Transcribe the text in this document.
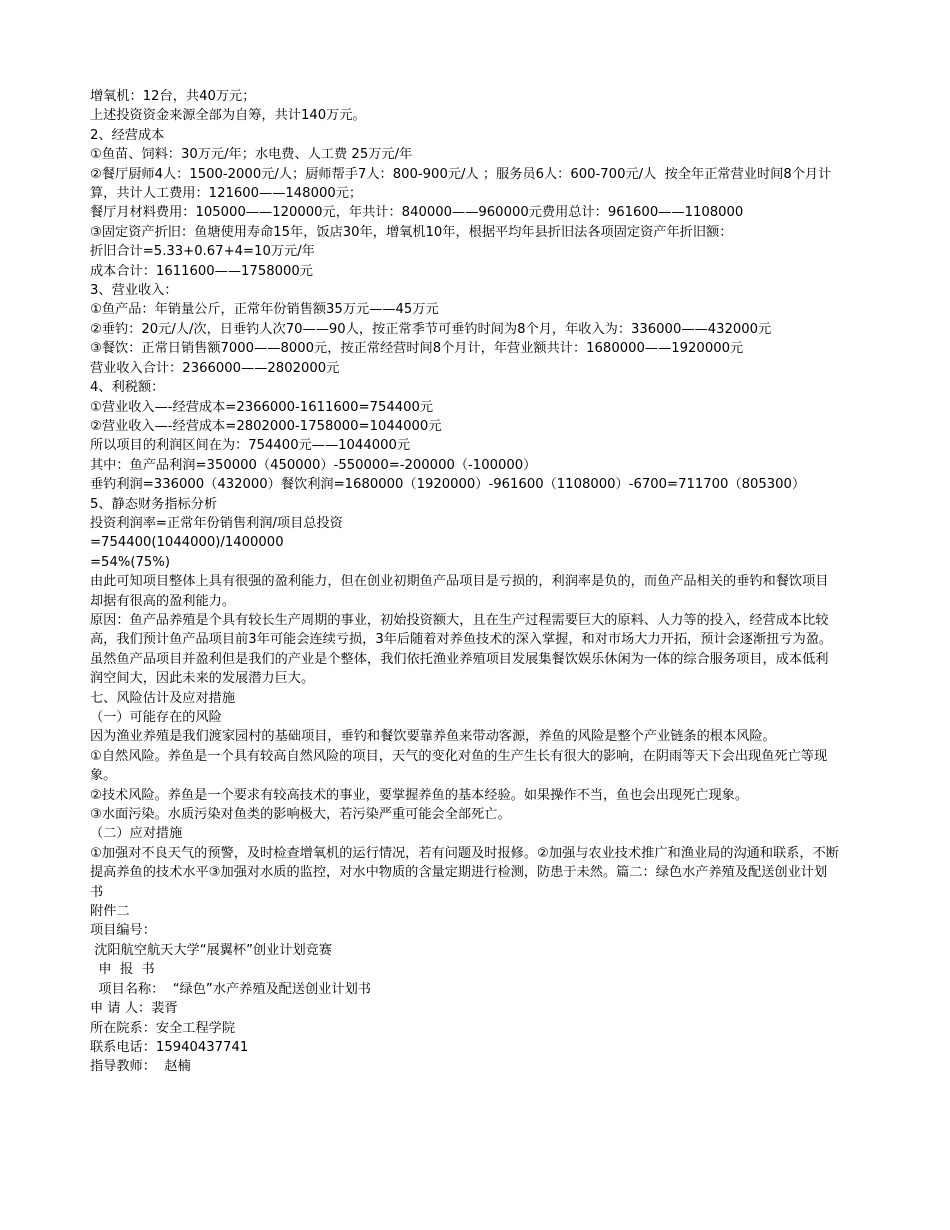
增氧机：12台，共40万元；
上述投资资金来源全部为自筹，共计140万元。
2、经营成本
①鱼苗、饲料：30万元/年；水电费、人工费 25万元/年
②餐厅厨师4人：1500-2000元/人；厨师帮手7人：800-900元/人 ；服务员6人：600-700元/人  按全年正常营业时间8个月计算，共计人工费用：121600——148000元；
餐厅月材料费用：105000——120000元，年共计：840000——960000元费用总计：961600——1108000
③固定资产折旧：鱼塘使用寿命15年，饭店30年，增氧机10年，根据平均年县折旧法各项固定资产年折旧额：
折旧合计=5.33+0.67+4=10万元/年
成本合计：1611600——1758000元
3、营业收入：
①鱼产品：年销量公斤，正常年份销售额35万元——45万元
②垂钓：20元/人/次，日垂钓人次70——90人，按正常季节可垂钓时间为8个月，年收入为：336000——432000元
③餐饮：正常日销售额7000——8000元，按正常经营时间8个月计，年营业额共计：1680000——1920000元
营业收入合计：2366000——2802000元
4、利税额：
①营业收入—-经营成本=2366000-1611600=754400元
②营业收入—-经营成本=2802000-1758000=1044000元
所以项目的利润区间在为：754400元——1044000元
其中：鱼产品利润=350000（450000）-550000=-200000（-100000）
垂钓利润=336000（432000）餐饮利润=1680000（1920000）-961600（1108000）-6700=711700（805300）
5、静态财务指标分析
投资利润率=正常年份销售利润/项目总投资
=754400(1044000)/1400000
=54%(75%)
由此可知项目整体上具有很强的盈利能力，但在创业初期鱼产品项目是亏损的，利润率是负的，而鱼产品相关的垂钓和餐饮项目却据有很高的盈利能力。
原因：鱼产品养殖是个具有较长生产周期的事业，初始投资额大，且在生产过程需要巨大的原料、人力等的投入，经营成本比较高，我们预计鱼产品项目前3年可能会连续亏损，3年后随着对养鱼技术的深入掌握，和对市场大力开拓，预计会逐渐扭亏为盈。
虽然鱼产品项目并盈利但是我们的产业是个整体，我们依托渔业养殖项目发展集餐饮娱乐休闲为一体的综合服务项目，成本低利润空间大，因此未来的发展潜力巨大。
七、风险估计及应对措施
（一）可能存在的风险
因为渔业养殖是我们渡家园村的基础项目，垂钓和餐饮要靠养鱼来带动客源，养鱼的风险是整个产业链条的根本风险。
①自然风险。养鱼是一个具有较高自然风险的项目，天气的变化对鱼的生产生长有很大的影响，在阴雨等天下会出现鱼死亡等现象。
②技术风险。养鱼是一个要求有较高技术的事业，要掌握养鱼的基本经验。如果操作不当，鱼也会出现死亡现象。
③水面污染。水质污染对鱼类的影响极大，若污染严重可能会全部死亡。
（二）应对措施
①加强对不良天气的预警，及时检查增氧机的运行情况，若有问题及时报修。②加强与农业技术推广和渔业局的沟通和联系，不断提高养鱼的技术水平③加强对水质的监控，对水中物质的含量定期进行检测，防患于未然。篇二：绿色水产养殖及配送创业计划书
附件二
项目编号：
沈阳航空航天大学“展翼杯”创业计划竞赛
申  报  书
项目名称：  “绿色”水产养殖及配送创业计划书
申 请 人：裴胥
所在院系：安全工程学院
联系电话：15940437741
指导教师：  赵楠
